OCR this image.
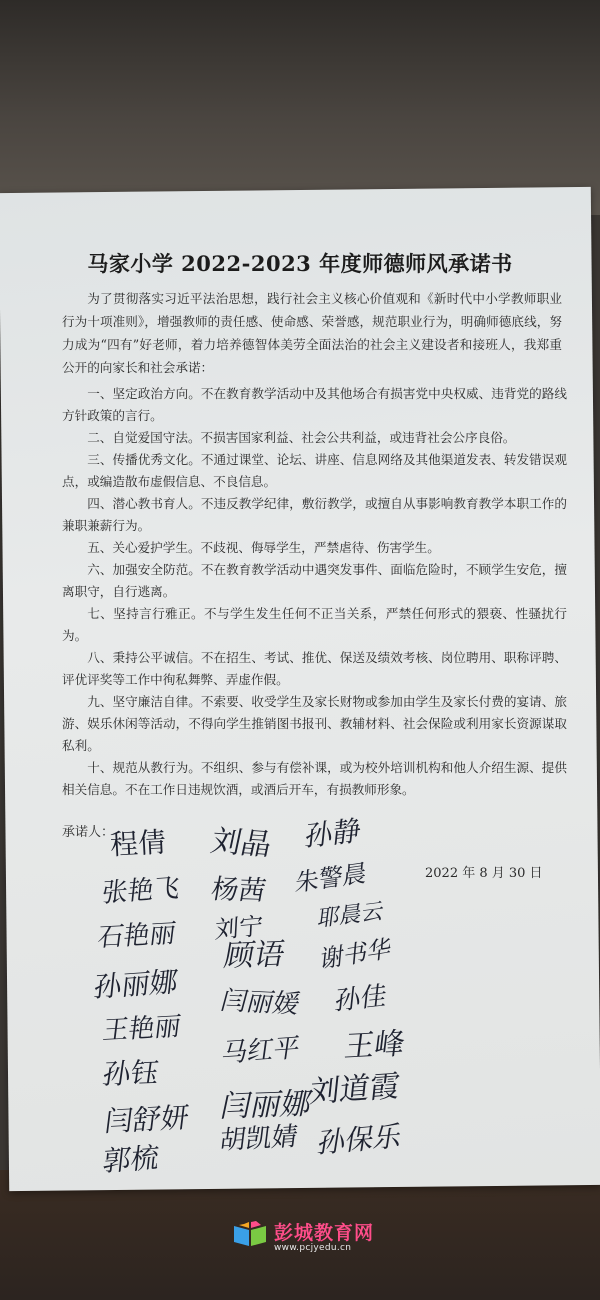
马家小学 2022-2023 年度师德师风承诺书
为了贯彻落实习近平法治思想，践行社会主义核心价值观和《新时代中小学教师职业行为十项准则》，增强教师的责任感、使命感、荣誉感，规范职业行为，明确师德底线，努力成为“四有”好老师，着力培养德智体美劳全面法治的社会主义建设者和接班人，我郑重公开的向家长和社会承诺：

一、坚定政治方向。不在教育教学活动中及其他场合有损害党中央权威、违背党的路线方针政策的言行。

二、自觉爱国守法。不损害国家利益、社会公共利益，或违背社会公序良俗。

三、传播优秀文化。不通过课堂、论坛、讲座、信息网络及其他渠道发表、转发错误观点，或编造散布虚假信息、不良信息。

四、潜心教书育人。不违反教学纪律，敷衍教学，或擅自从事影响教育教学本职工作的兼职兼薪行为。

五、关心爱护学生。不歧视、侮辱学生，严禁虐待、伤害学生。

六、加强安全防范。不在教育教学活动中遇突发事件、面临危险时，不顾学生安危，擅离职守，自行逃离。

七、坚持言行雅正。不与学生发生任何不正当关系，严禁任何形式的猥亵、性骚扰行为。

八、秉持公平诚信。不在招生、考试、推优、保送及绩效考核、岗位聘用、职称评聘、评优评奖等工作中徇私舞弊、弄虚作假。

九、坚守廉洁自律。不索要、收受学生及家长财物或参加由学生及家长付费的宴请、旅游、娱乐休闲等活动，不得向学生推销图书报刊、教辅材料、社会保险或利用家长资源谋取私利。

十、规范从教行为。不组织、参与有偿补课，或为校外培训机构和他人介绍生源、提供相关信息。不在工作日违规饮酒，或酒后开车，有损教师形象。

承诺人：
2022 年 8 月 30 日
程倩 刘晶 孙静
张艳飞 杨茜 朱警晨
石艳丽 刘宁 耶晨云
孙丽娜
顾语 谢书华
王艳丽
闫丽媛 孙佳
孙钰
马红平 王峰
闫舒妍 闫丽娜
刘道霞
郭梳
胡凯婧 孙保乐
彭城教育网
www.pcjyedu.cn
